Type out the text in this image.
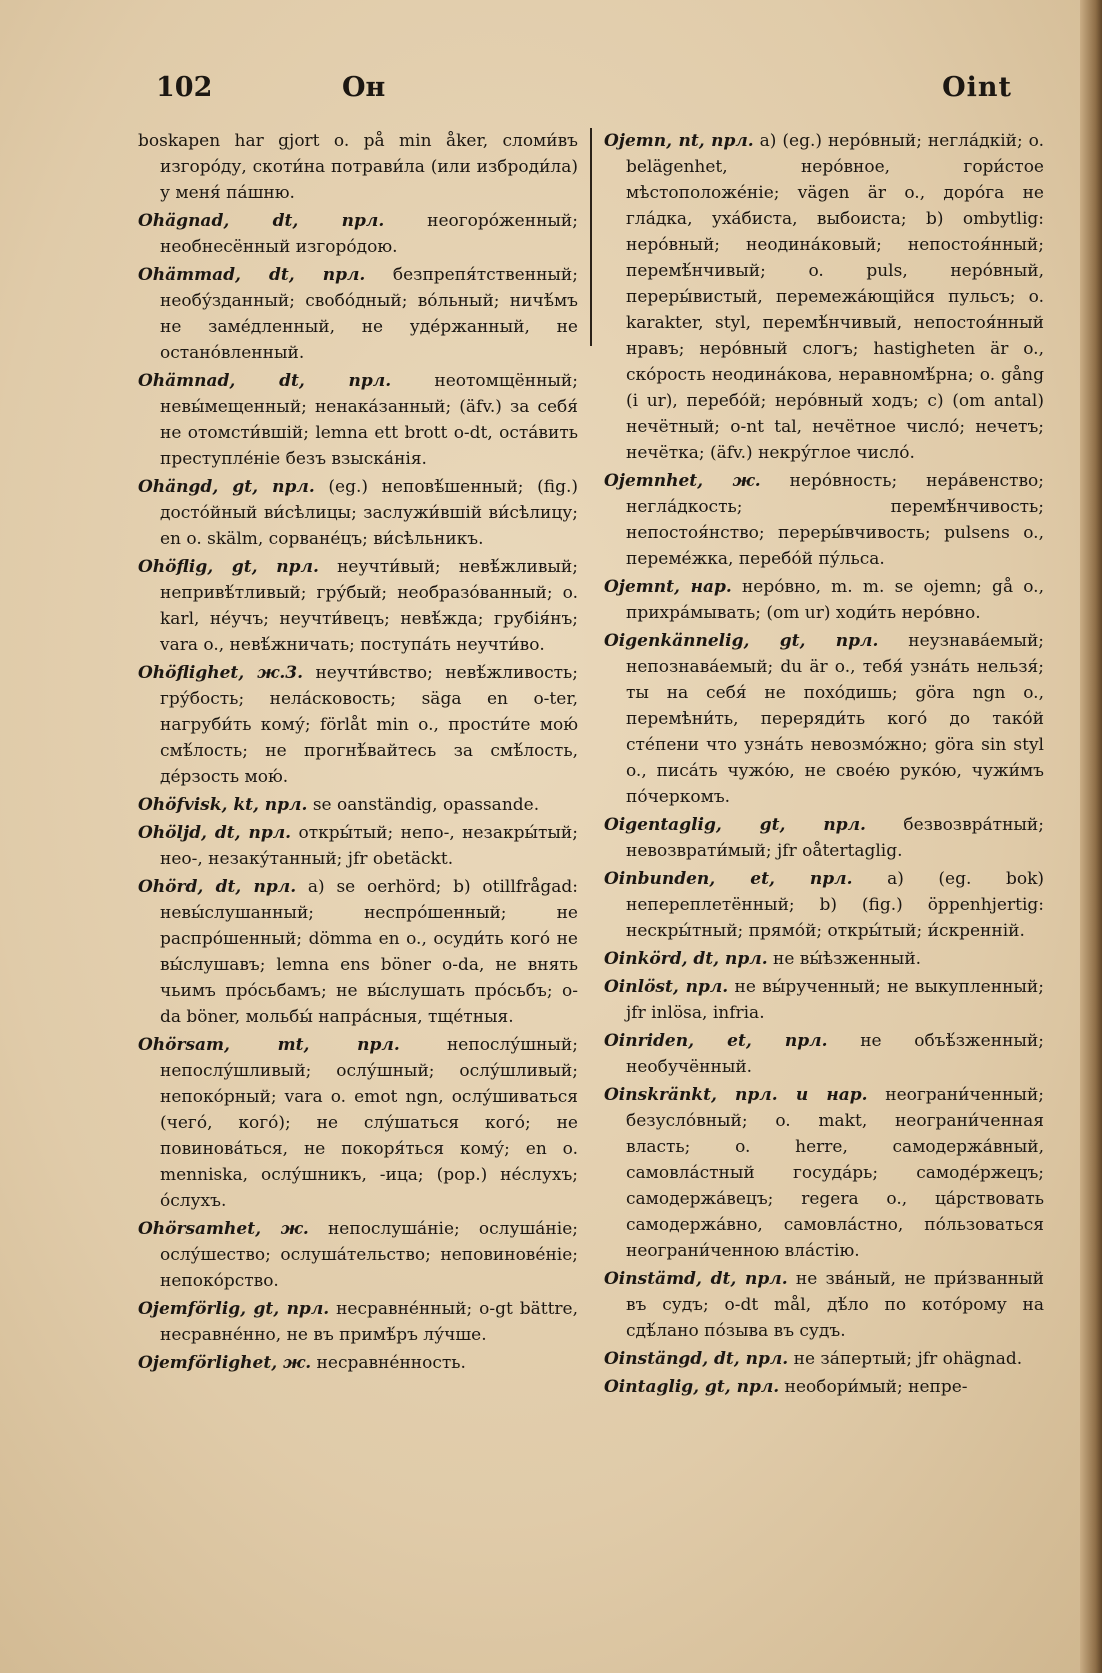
102	Он	Oint

boskapen har gjort o. på min åker, сломи́въ изгоро́ду, скоти́на потрави́ла (или изброди́ла) у меня́ па́шню.

Ohägnad, dt, прл. неогоро́женный; необнесённый изгоро́дою.

Ohämmad, dt, прл. безпрепя́тственный; необу́зданный; свобо́дный; во́льный; ничѣ́мъ не заме́дленный, не уде́ржанный, не остано́вленный.

Ohämnad, dt, прл. неотомщённый; невы́мещенный; ненака́занный; (äfv.) за себя́ не отомсти́вшій; lemna ett brott o-dt, оста́вить преступле́ніе безъ взыска́нія.

Ohängd, gt, прл. (eg.) неповѣ́шенный; (fig.) досто́йный ви́сѣлицы; заслужи́вшій ви́сѣлицу; en o. skälm, сорване́цъ; ви́сѣльникъ.

Ohöflig, gt, прл. неучти́вый; невѣ́жливый; непривѣ́тливый; гру́бый; необразо́ванный; o. karl, не́учъ; неучти́вецъ; невѣ́жда; грубія́нъ; vara o., невѣ́жничать; поступа́ть неучти́во.

Ohöflighet, ж.3. неучти́вство; невѣ́жливость; гру́бость; нела́сковость; säga en o-ter, нагруби́ть кому́; förlåt min o., прости́те мою́ смѣ́лость; не прогнѣ́вайтесь за смѣ́лость, де́рзость мою́.

Ohöfvisk, kt, прл. se oanständig, opassande.

Ohöljd, dt, прл. откры́тый; непо-, незакры́тый; нео-, незаку́танный; jfr obetäckt.

Ohörd, dt, прл. a) se oerhörd; b) otillfrågad: невы́слушанный; неспро́шенный; не распро́шенный; dömma en o., осуди́ть кого́ не вы́слушавъ; lemna ens böner o-da, не внять чьимъ про́сьбамъ; не вы́слушать про́сьбъ; o-da böner, мольбы́ напра́сныя, тще́тныя.

Ohörsam, mt, прл. непослу́шный; непослу́шливый; ослу́шный; ослу́шливый; непоко́рный; vara o. emot ngn, ослу́шиваться (чего́, кого́); не слу́шаться кого́; не повинова́ться, не покоря́ться кому́; en o. menniska, ослу́шникъ, -ица; (pop.) не́слухъ; о́слухъ.

Ohörsamhet, ж. непослуша́ніе; ослуша́ніе; ослу́шество; ослуша́тельство; неповинове́ніе; непоко́рство.

Ojemförlig, gt, прл. несравне́нный; o-gt bättre, несравне́нно, не въ примѣ́ръ лу́чше.

Ojemförlighet, ж. несравне́нность.

Ojemn, nt, прл. a) (eg.) неро́вный; негла́дкій; o. belägenhet, неро́вное, гори́стое мѣстоположе́ніе; vägen är o., доро́га не гла́дка, уха́биста, выбоиста; b) ombytlig: неро́вный; неодина́ковый; непостоя́нный; перемѣ́нчивый; o. puls, неро́вный, переры́вистый, перемежа́ющійся пульсъ; o. karakter, styl, перемѣ́нчивый, непостоя́нный нравъ; неро́вный слогъ; hastigheten är o., ско́рость неодина́кова, неравномѣ́рна; o. gång (i ur), перебо́й; неро́вный ходъ; c) (om antal) нечётный; o-nt tal, нечётное число́; нечетъ; нечётка; (äfv.) некру́глое число́.

Ojemnhet, ж. неро́вность; нера́венство; негла́дкость; перемѣ́нчивость; непостоя́нство; переры́вчивость; pulsens o., переме́жка, перебо́й пу́льса.

Ojemnt, нар. неро́вно, m. m. se ojemn; gå o., прихра́мывать; (om ur) ходи́ть неро́вно.

Oigenkännelig, gt, прл. неузнава́емый; непознава́емый; du är o., тебя́ узна́ть нельзя́; ты на себя́ не похо́дишь; göra ngn o., перемѣни́ть, переряди́ть кого́ до тако́й сте́пени что узна́ть невозмо́жно; göra sin styl o., писа́ть чужо́ю, не свое́ю руко́ю, чужи́мъ по́черкомъ.

Oigentaglig, gt, прл. безвозвра́тный; невозврати́мый; jfr oåtertaglig.

Oinbunden, et, прл. a) (eg. bok) непереплетённый; b) (fig.) öppenhjertig: нескры́тный; прямо́й; откры́тый; и́скренній.

Oinkörd, dt, прл. не вы́ѣзженный.

Oinlöst, прл. не вы́рученный; не выкупленный; jfr inlösa, infria.

Oinriden, et, прл. не объѣ́зженный; необучённый.

Oinskränkt, прл. и нар. неограни́ченный; безусло́вный; o. makt, неограни́ченная власть; o. herre, самодержа́вный, самовла́стный госуда́рь; самоде́ржецъ; самодержа́вецъ; regera o., ца́рствовать самодержа́вно, самовла́стно, по́льзоваться неограни́ченною вла́стію.

Oinstämd, dt, прл. не зва́ный, не при́званный въ судъ; o-dt mål, дѣ́ло по кото́рому на сдѣ́лано по́зыва въ судъ.

Oinstängd, dt, прл. не за́пертый; jfr ohägnad.

Ointaglig, gt, прл. необори́мый; непре-
